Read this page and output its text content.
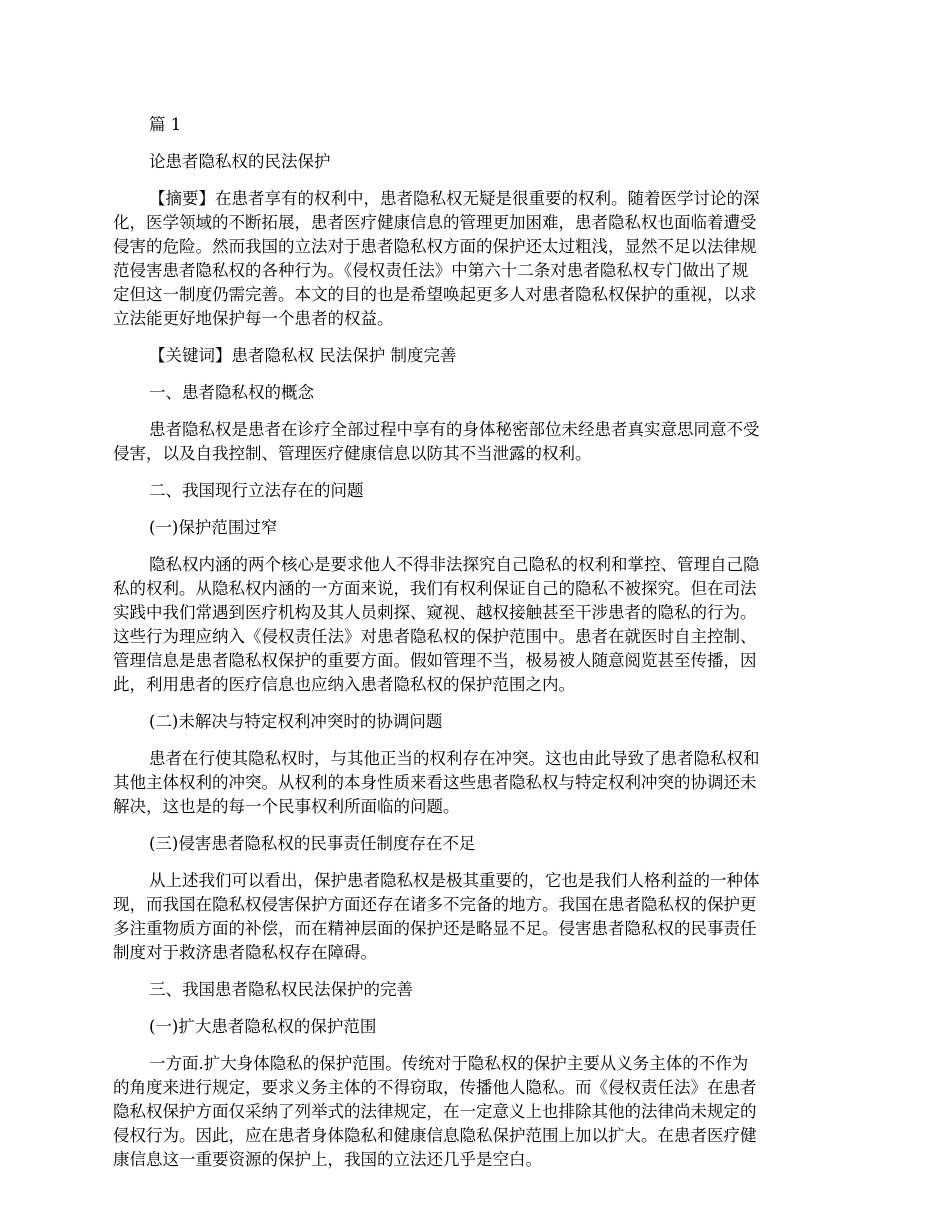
篇 1

论患者隐私权的民法保护

【摘要】在患者享有的权利中，患者隐私权无疑是很重要的权利。随着医学讨论的深

化，医学领域的不断拓展，患者医疗健康信息的管理更加困难，患者隐私权也面临着遭受

侵害的危险。然而我国的立法对于患者隐私权方面的保护还太过粗浅，显然不足以法律规

范侵害患者隐私权的各种行为。《侵权责任法》中第六十二条对患者隐私权专门做出了规

定但这一制度仍需完善。本文的目的也是希望唤起更多人对患者隐私权保护的重视，以求

立法能更好地保护每一个患者的权益。

【关键词】患者隐私权 民法保护 制度完善

一、患者隐私权的概念

患者隐私权是患者在诊疗全部过程中享有的身体秘密部位未经患者真实意思同意不受

侵害，以及自我控制、管理医疗健康信息以防其不当泄露的权利。

二、我国现行立法存在的问题

(一)保护范围过窄

隐私权内涵的两个核心是要求他人不得非法探究自己隐私的权利和掌控、管理自己隐

私的权利。从隐私权内涵的一方面来说，我们有权利保证自己的隐私不被探究。但在司法

实践中我们常遇到医疗机构及其人员刺探、窥视、越权接触甚至干涉患者的隐私的行为。

这些行为理应纳入《侵权责任法》对患者隐私权的保护范围中。患者在就医时自主控制、

管理信息是患者隐私权保护的重要方面。假如管理不当，极易被人随意阅览甚至传播，因

此，利用患者的医疗信息也应纳入患者隐私权的保护范围之内。

(二)未解决与特定权利冲突时的协调问题

患者在行使其隐私权时，与其他正当的权利存在冲突。这也由此导致了患者隐私权和

其他主体权利的冲突。从权利的本身性质来看这些患者隐私权与特定权利冲突的协调还未

解决，这也是的每一个民事权利所面临的问题。

(三)侵害患者隐私权的民事责任制度存在不足

从上述我们可以看出，保护患者隐私权是极其重要的，它也是我们人格利益的一种体

现，而我国在隐私权侵害保护方面还存在诸多不完备的地方。我国在患者隐私权的保护更

多注重物质方面的补偿，而在精神层面的保护还是略显不足。侵害患者隐私权的民事责任

制度对于救济患者隐私权存在障碍。

三、我国患者隐私权民法保护的完善

(一)扩大患者隐私权的保护范围

一方面.扩大身体隐私的保护范围。传统对于隐私权的保护主要从义务主体的不作为

的角度来进行规定，要求义务主体的不得窃取，传播他人隐私。而《侵权责任法》在患者

隐私权保护方面仅采纳了列举式的法律规定，在一定意义上也排除其他的法律尚未规定的

侵权行为。因此，应在患者身体隐私和健康信息隐私保护范围上加以扩大。在患者医疗健

康信息这一重要资源的保护上，我国的立法还几乎是空白。
